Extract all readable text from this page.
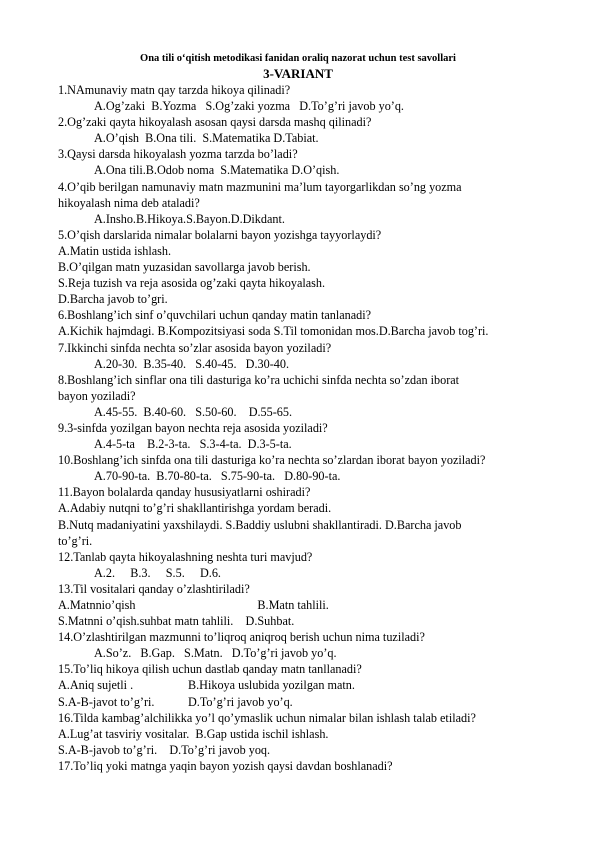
Ona tili o‘qitish metodikasi fanidan oraliq nazorat uchun test savollari
3-VARIANT
1.NAmunaviy matn qay tarzda hikoya qilinadi?
A.Og’zaki  B.Yozma   S.Og’zaki yozma   D.To’g’ri javob yo’q.
2.Og’zaki qayta hikoyalash asosan qaysi darsda mashq qilinadi?
A.O’qish  B.Ona tili.  S.Matematika D.Tabiat.
3.Qaysi darsda hikoyalash yozma tarzda bo’ladi?
A.Ona tili.B.Odob noma  S.Matematika D.O’qish.
4.O’qib berilgan namunaviy matn mazmunini ma’lum tayorgarlikdan so’ng yozma
hikoyalash nima deb ataladi?
A.Insho.B.Hikoya.S.Bayon.D.Dikdant.
5.O’qish darslarida nimalar bolalarni bayon yozishga tayyorlaydi?
A.Matin ustida ishlash.
B.O’qilgan matn yuzasidan savollarga javob berish.
S.Reja tuzish va reja asosida og’zaki qayta hikoyalash.
D.Barcha javob to’gri.
6.Boshlang’ich sinf o’quvchilari uchun qanday matin tanlanadi?
A.Kichik hajmdagi. B.Kompozitsiyasi soda S.Til tomonidan mos.D.Barcha javob tog’ri.
7.Ikkinchi sinfda nechta so’zlar asosida bayon yoziladi?
A.20-30.  B.35-40.   S.40-45.   D.30-40.
8.Boshlang’ich sinflar ona tili dasturiga ko’ra uchichi sinfda nechta so’zdan iborat
bayon yoziladi?
A.45-55.  B.40-60.   S.50-60.    D.55-65.
9.3-sinfda yozilgan bayon nechta reja asosida yoziladi?
A.4-5-ta    B.2-3-ta.   S.3-4-ta.  D.3-5-ta.
10.Boshlang’ich sinfda ona tili dasturiga ko’ra nechta so’zlardan iborat bayon yoziladi?
A.70-90-ta.  B.70-80-ta.   S.75-90-ta.   D.80-90-ta.
11.Bayon bolalarda qanday hususiyatlarni oshiradi?
A.Adabiy nutqni to’g’ri shakllantirishga yordam beradi.
B.Nutq madaniyatini yaxshilaydi. S.Baddiy uslubni shakllantiradi. D.Barcha javob
to’g’ri.
12.Tanlab qayta hikoyalashning neshta turi mavjud?
A.2.     B.3.     S.5.     D.6.
13.Til vositalari qanday o’zlashtiriladi?
A.Matnnio’qish                                        B.Matn tahlili.
S.Matnni o’qish.suhbat matn tahlili.    D.Suhbat.
14.O’zlashtirilgan mazmunni to’liqroq aniqroq berish uchun nima tuziladi?
A.So’z.   B.Gap.   S.Matn.   D.To’g’ri javob yo’q.
15.To’liq hikoya qilish uchun dastlab qanday matn tanllanadi?
A.Aniq sujetli .                  B.Hikoya uslubida yozilgan matn.
S.A-B-javot to’g’ri.           D.To’g’ri javob yo’q.
16.Tilda kambag’alchilikka yo’l qo’ymaslik uchun nimalar bilan ishlash talab etiladi?
A.Lug’at tasviriy vositalar.  B.Gap ustida ischil ishlash.
S.A-B-javob to’g’ri.    D.To’g’ri javob yoq.
17.To’liq yoki matnga yaqin bayon yozish qaysi davdan boshlanadi?
